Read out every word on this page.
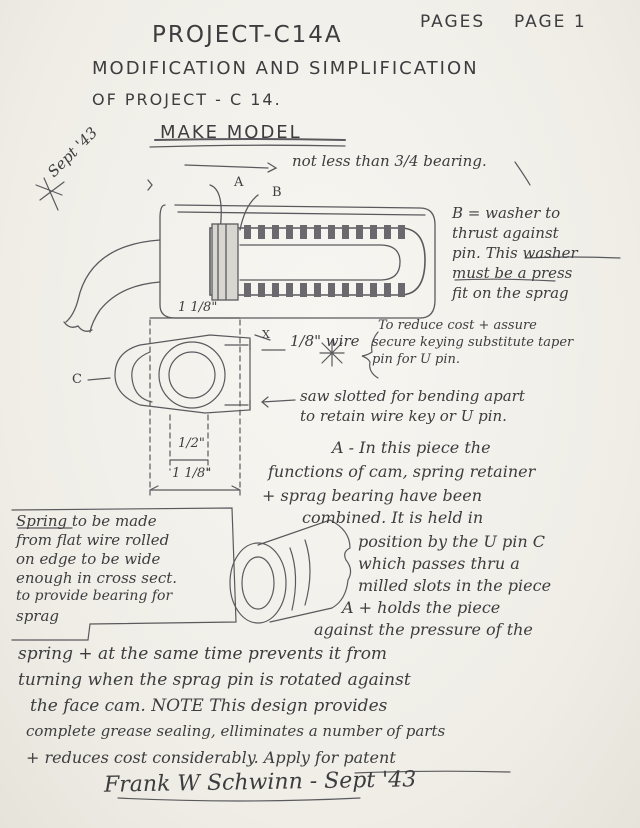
PROJECT-C14A	PAGES PAGE 1
MODIFICATION AND SIMPLIFICATION
OF PROJECT - C 14.
MAKE MODEL
Sept '43
A
B
C
X
not less than 3/4 bearing.
1/8" wire
1 1/8"
1/2"
1 1/8"
B = washer to
thrust against
pin. This washer
must be a press
fit on the sprag
To reduce cost + assure
secure keying substitute taper
pin for U pin.
saw slotted for bending apart
to retain wire key or U pin.
A - In this piece the
functions of cam, spring retainer
+ sprag bearing have been
combined. It is held in
position by the U pin C
which passes thru a
milled slots in the piece
A + holds the piece
against the pressure of the
Spring to be made
from flat wire rolled
on edge to be wide
enough in cross sect.
to provide bearing for
sprag
spring + at the same time prevents it from
turning when the sprag pin is rotated against
the face cam. NOTE This design provides
complete grease sealing, elliminates a number of parts
+ reduces cost considerably. Apply for patent
Frank W Schwinn - Sept '43
